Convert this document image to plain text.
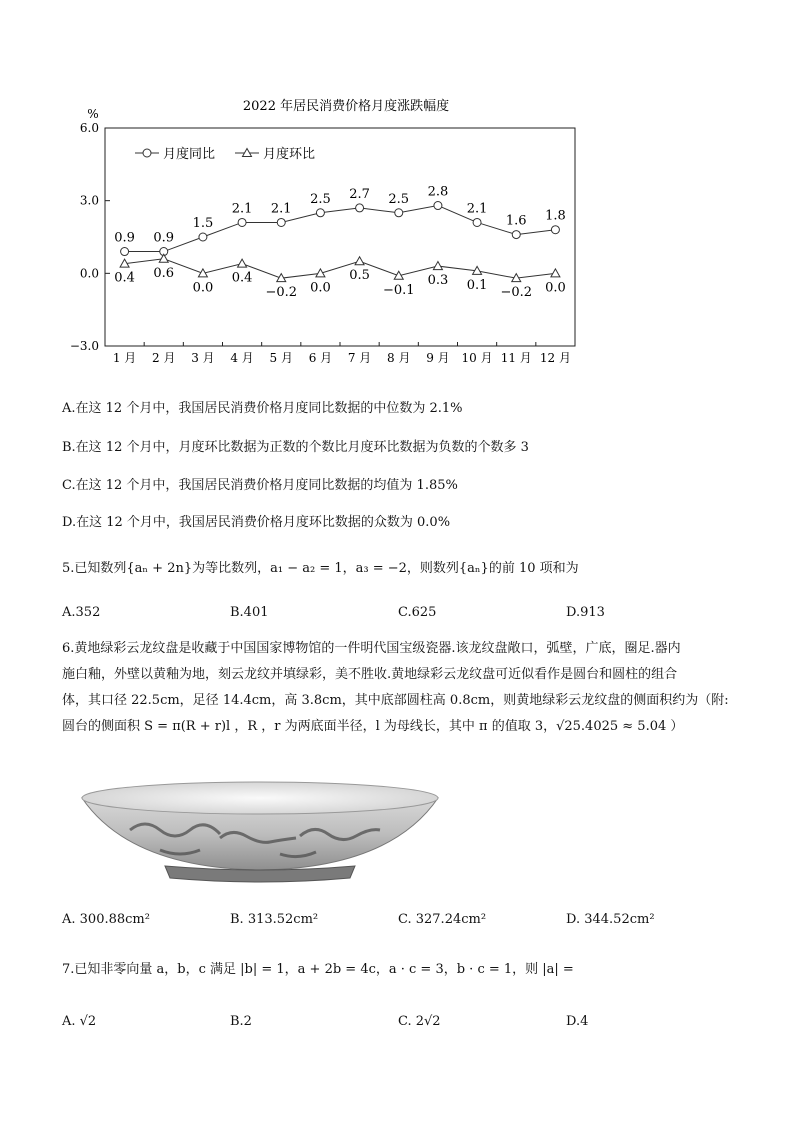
2022 年居民消费价格月度涨跌幅度
%
6.0
3.0
0.0
−3.0
1 月 2 月 3 月 4 月 5 月 6 月 7 月 8 月 9 月 10 月 11 月 12 月
0.9 0.9
1.5
2.1 2.1
2.5 2.7 2.5 2.8
2.1
1.6 1.8
0.4 0.6
0.0
0.4
−0.2 0.0
0.5
−0.1
0.3 0.1 −0.2 0.0
月度同比	月度环比
A.在这 12 个月中，我国居民消费价格月度同比数据的中位数为 2.1%
B.在这 12 个月中，月度环比数据为正数的个数比月度环比数据为负数的个数多 3
C.在这 12 个月中，我国居民消费价格月度同比数据的均值为 1.85%
D.在这 12 个月中，我国居民消费价格月度环比数据的众数为 0.0%
5.已知数列{aₙ + 2n}为等比数列，a₁ − a₂ = 1，a₃ = −2，则数列{aₙ}的前 10 项和为
A.352	B.401	C.625	D.913
6.黄地绿彩云龙纹盘是收藏于中国国家博物馆的一件明代国宝级瓷器.该龙纹盘敞口，弧壁，广底，圈足.器内
施白釉，外壁以黄釉为地，刻云龙纹并填绿彩，美不胜收.黄地绿彩云龙纹盘可近似看作是圆台和圆柱的组合
体，其口径 22.5cm，足径 14.4cm，高 3.8cm，其中底部圆柱高 0.8cm，则黄地绿彩云龙纹盘的侧面积约为（附:
圆台的侧面积 S = π(R + r)l ，R ，r 为两底面半径，l 为母线长，其中 π 的值取 3，√25.4025 ≈ 5.04 ）
A. 300.88cm²	B. 313.52cm²	C. 327.24cm²	D. 344.52cm²
7.已知非零向量 a，b，c 满足 |b| = 1，a + 2b = 4c，a · c = 3，b · c = 1，则 |a| =
A. √2	B.2	C. 2√2	D.4
